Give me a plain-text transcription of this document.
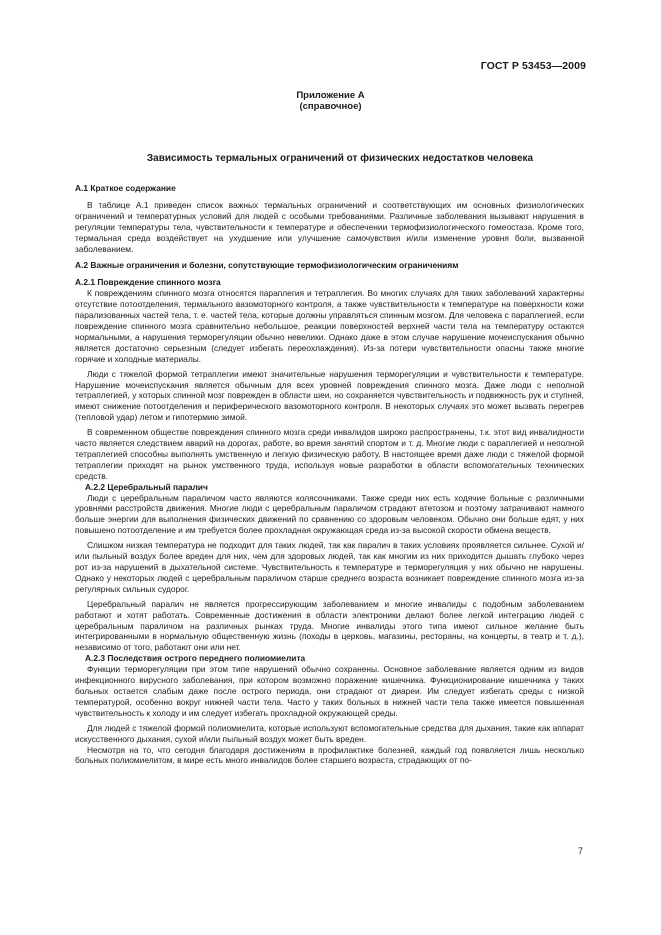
ГОСТ Р 53453—2009
Приложение А
(справочное)
Зависимость термальных ограничений от физических недостатков человека

А.1 Краткое содержание

В таблице А.1 приведен список важных термальных ограничений и соответствующих им основных физиологических ограничений и температурных условий для людей с особыми требованиями. Различные заболевания вызывают нарушения в регуляции температуры тела, чувствительности к температуре и обеспечении термофизиологического гомеостаза. Кроме того, термальная среда воздействует на ухудшение или улучшение самочувствия и/или изменение уровня боли, вызванной заболеванием.

А.2 Важные ограничения и болезни, сопутствующие термофизиологическим ограничениям

А.2.1 Повреждение спинного мозга

К повреждениям спинного мозга относятся параплегия и тетраплегия. Во многих случаях для таких заболеваний характерны отсутствие потоотделения, термального вазомоторного контроля, а также чувствительности к температуре на поверхности кожи парализованных частей тела, т. е. частей тела, которые должны управляться спинным мозгом. Для человека с параплегией, если повреждение спинного мозга сравнительно небольшое, реакции поверхностей верхней части тела на температуру остаются нормальными, а нарушения терморегуляции обычно невелики. Однако даже в этом случае нарушение мочеиспускания обычно является достаточно серьезным (следует избегать переохлаждения). Из-за потери чувствительности опасны также многие горячие и холодные материалы.

Люди с тяжелой формой тетраплегии имеют значительные нарушения терморегуляции и чувствительности к температуре. Нарушение мочеиспускания является обычным для всех уровней повреждения спинного мозга. Даже люди с неполной тетраплегией, у которых спинной мозг поврежден в области шеи, но сохраняется чувствительность и подвижность рук и ступней, имеют снижение потоотделения и периферического вазомоторного контроля. В некоторых случаях это может вызвать перегрев (тепловой удар) летом и гипотермию зимой.

В современном обществе повреждения спинного мозга среди инвалидов широко распространены, т.к. этот вид инвалидности часто является следствием аварий на дорогах, работе, во время занятий спортом и т. д. Многие люди с параплегией и неполной тетраплегией способны выполнять умственную и легкую физическую работу. В настоящее время даже люди с тяжелой формой тетраплегии приходят на рынок умственного труда, используя новые разработки в области вспомогательных технических средств.

А.2.2 Церебральный паралич

Люди с церебральным параличом часто являются колясочниками. Также среди них есть ходячие больные с различными уровнями расстройств движения. Многие люди с церебральным параличом страдают атетозом и поэтому затрачивают намного больше энергии для выполнения физических движений по сравнению со здоровым человеком. Обычно они больше едят, у них повышено потоотделение и им требуется более прохладная окружающая среда из-за высокой скорости обмена веществ.

Слишком низкая температура не подходит для таких людей, так как паралич в таких условиях проявляется сильнее. Сухой и/или пыльный воздух более вреден для них, чем для здоровых людей, так как многим из них приходится дышать глубоко через рот из-за нарушений в дыхательной системе. Чувствительность к температуре и терморегуляция у них обычно не нарушены. Однако у некоторых людей с церебральным параличом старше среднего возраста возникает повреждение спинного мозга из-за регулярных сильных судорог.

Церебральный паралич не является прогрессирующим заболеванием и многие инвалиды с подобным заболеванием работают и хотят работать. Современные достижения в области электроники делают более легкой интеграцию людей с церебральным параличом на различных рынках труда. Многие инвалиды этого типа имеют сильное желание быть интегрированными в нормальную общественную жизнь (походы в церковь, магазины, рестораны, на концерты, в театр и т. д.), независимо от того, работают они или нет.

А.2.3 Последствия острого переднего полиомиелита

Функции терморегуляции при этом типе нарушений обычно сохранены. Основное заболевание является одним из видов инфекционного вирусного заболевания, при котором возможно поражение кишечника. Функционирование кишечника у таких больных остается слабым даже после острого периода, они страдают от диареи. Им следует избегать среды с низкой температурой, особенно вокруг нижней части тела. Часто у таких больных в нижней части тела также имеется повышенная чувствительность к холоду и им следует избегать прохладной окружающей среды.

Для людей с тяжелой формой полиомиелита, которые используют вспомогательные средства для дыхания, такие как аппарат искусственного дыхания, сухой и/или пыльный воздух может быть вреден.

Несмотря на то, что сегодня благодаря достижениям в профилактике болезней, каждый год появляется лишь несколько больных полиомиелитом, в мире есть много инвалидов более старшего возраста, страдающих от по-

7
